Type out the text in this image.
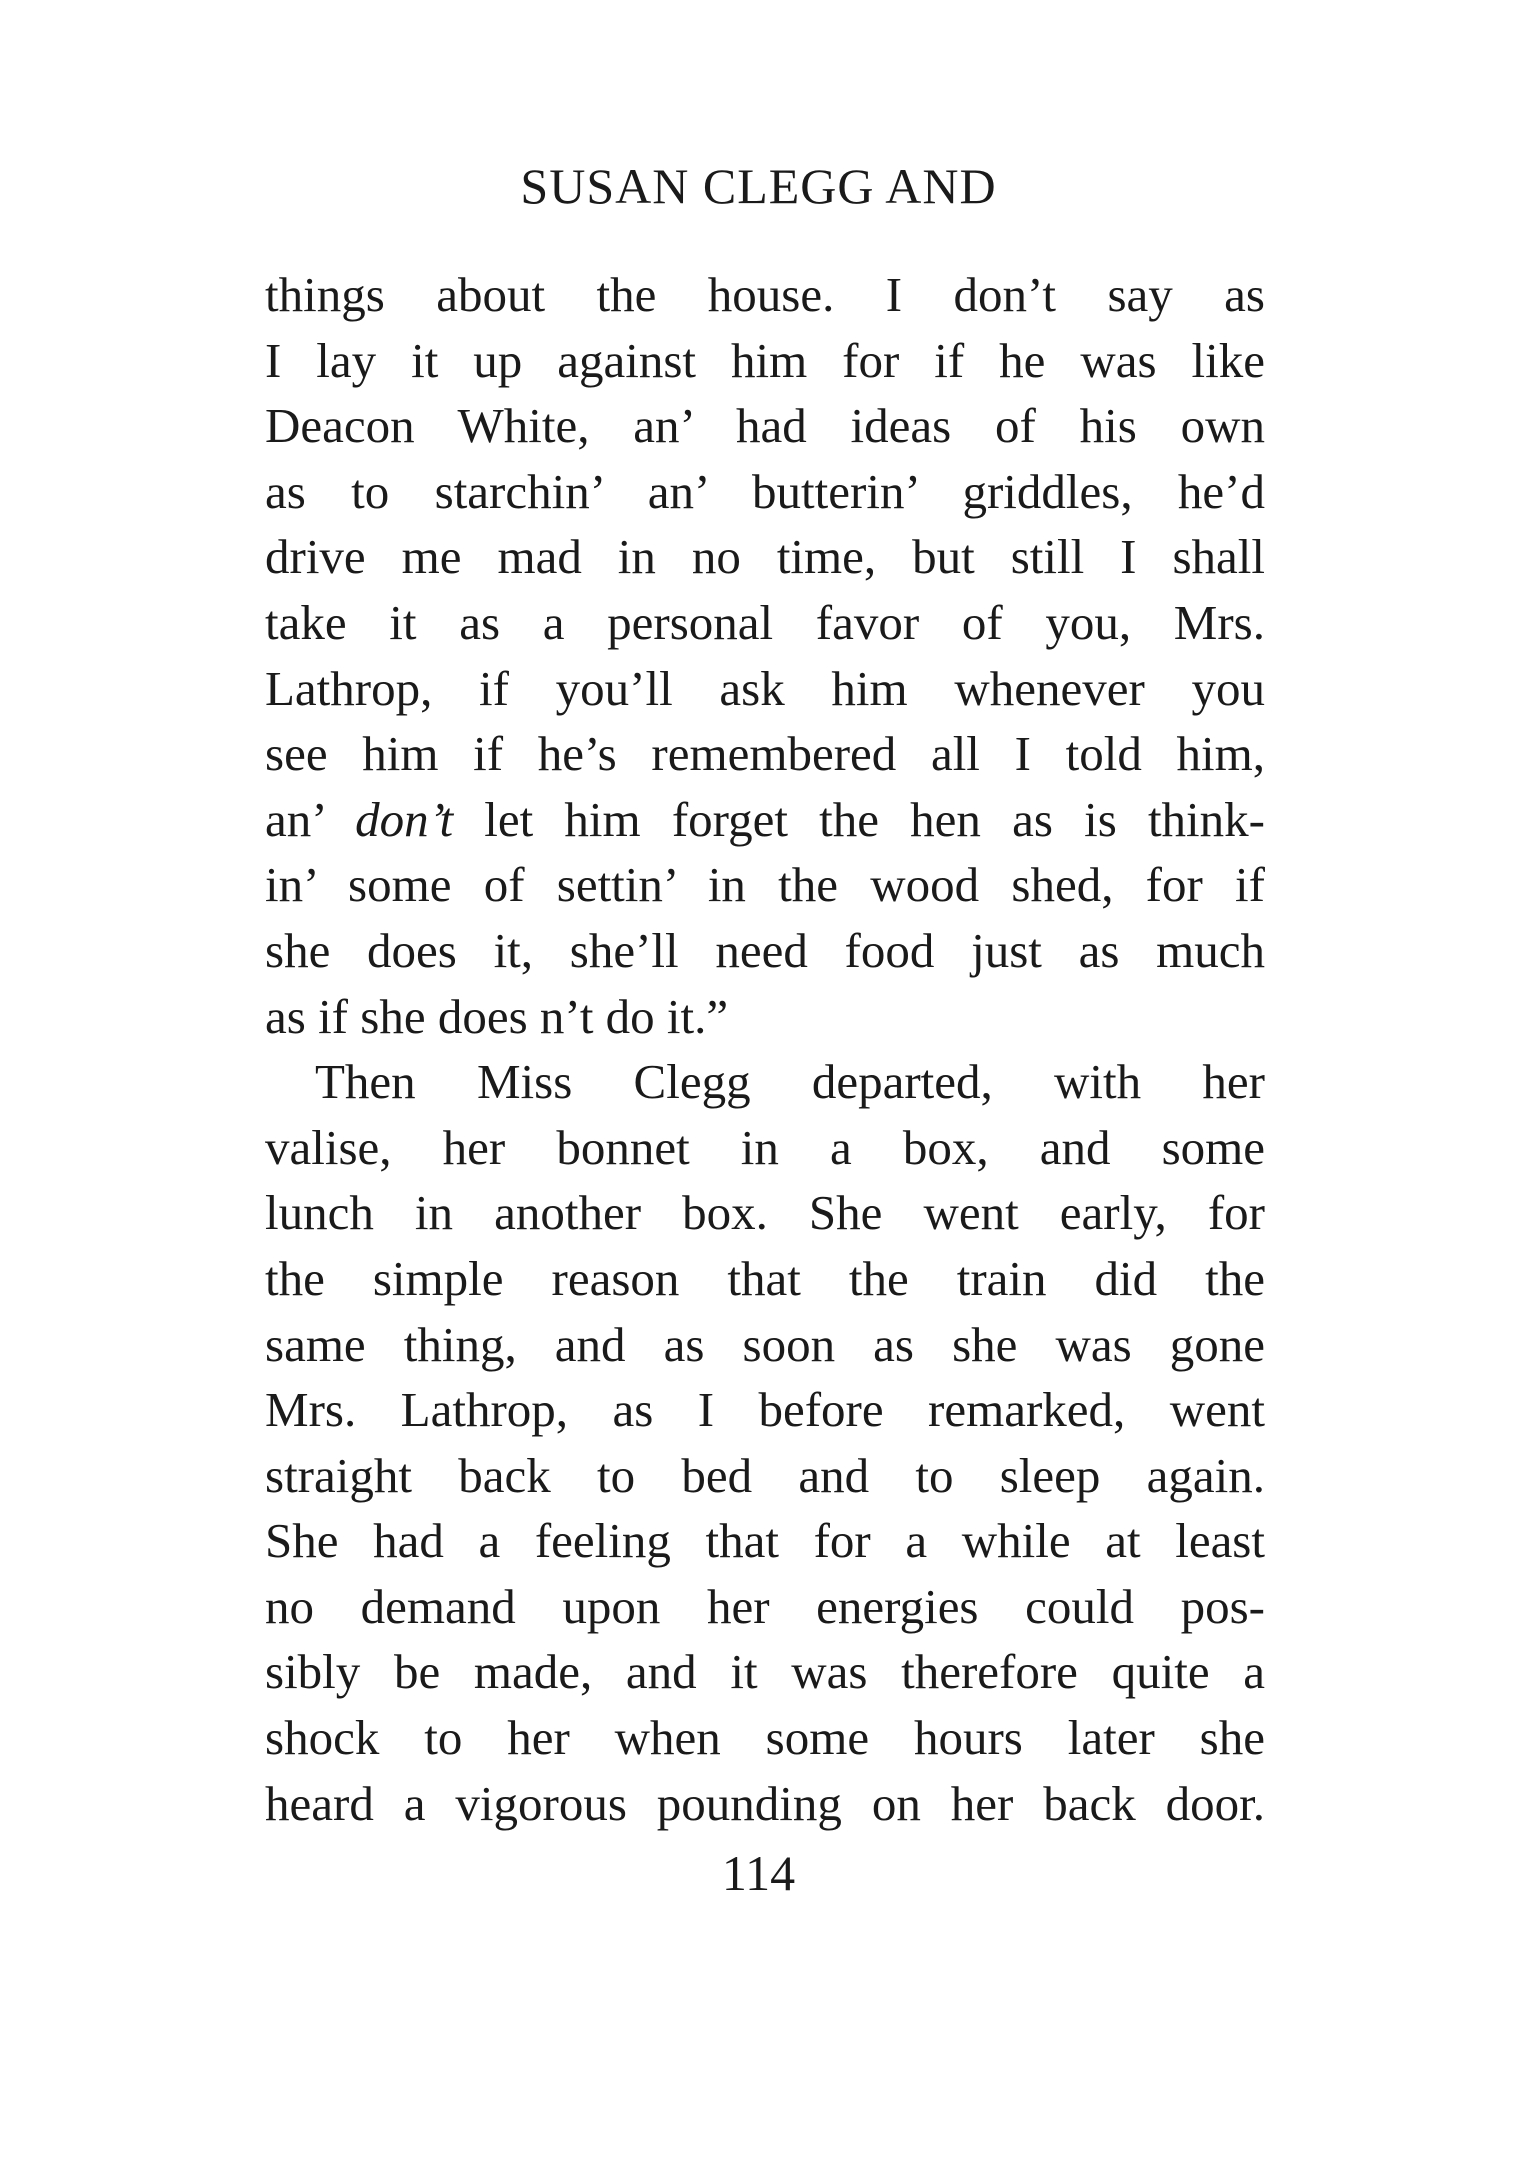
SUSAN CLEGG AND

things about the house. I don’t say as
I lay it up against him for if he was like
Deacon White, an’ had ideas of his own
as to starchin’ an’ butterin’ griddles, he’d
drive me mad in no time, but still I shall
take it as a personal favor of you, Mrs.
Lathrop, if you’ll ask him whenever you
see him if he’s remembered all I told him,
an’ don’t let him forget the hen as is think-
in’ some of settin’ in the wood shed, for if
she does it, she’ll need food just as much
as if she does n’t do it.”

Then Miss Clegg departed, with her
valise, her bonnet in a box, and some
lunch in another box. She went early, for
the simple reason that the train did the
same thing, and as soon as she was gone
Mrs. Lathrop, as I before remarked, went
straight back to bed and to sleep again.
She had a feeling that for a while at least
no demand upon her energies could pos-
sibly be made, and it was therefore quite a
shock to her when some hours later she
heard a vigorous pounding on her back door.

114
